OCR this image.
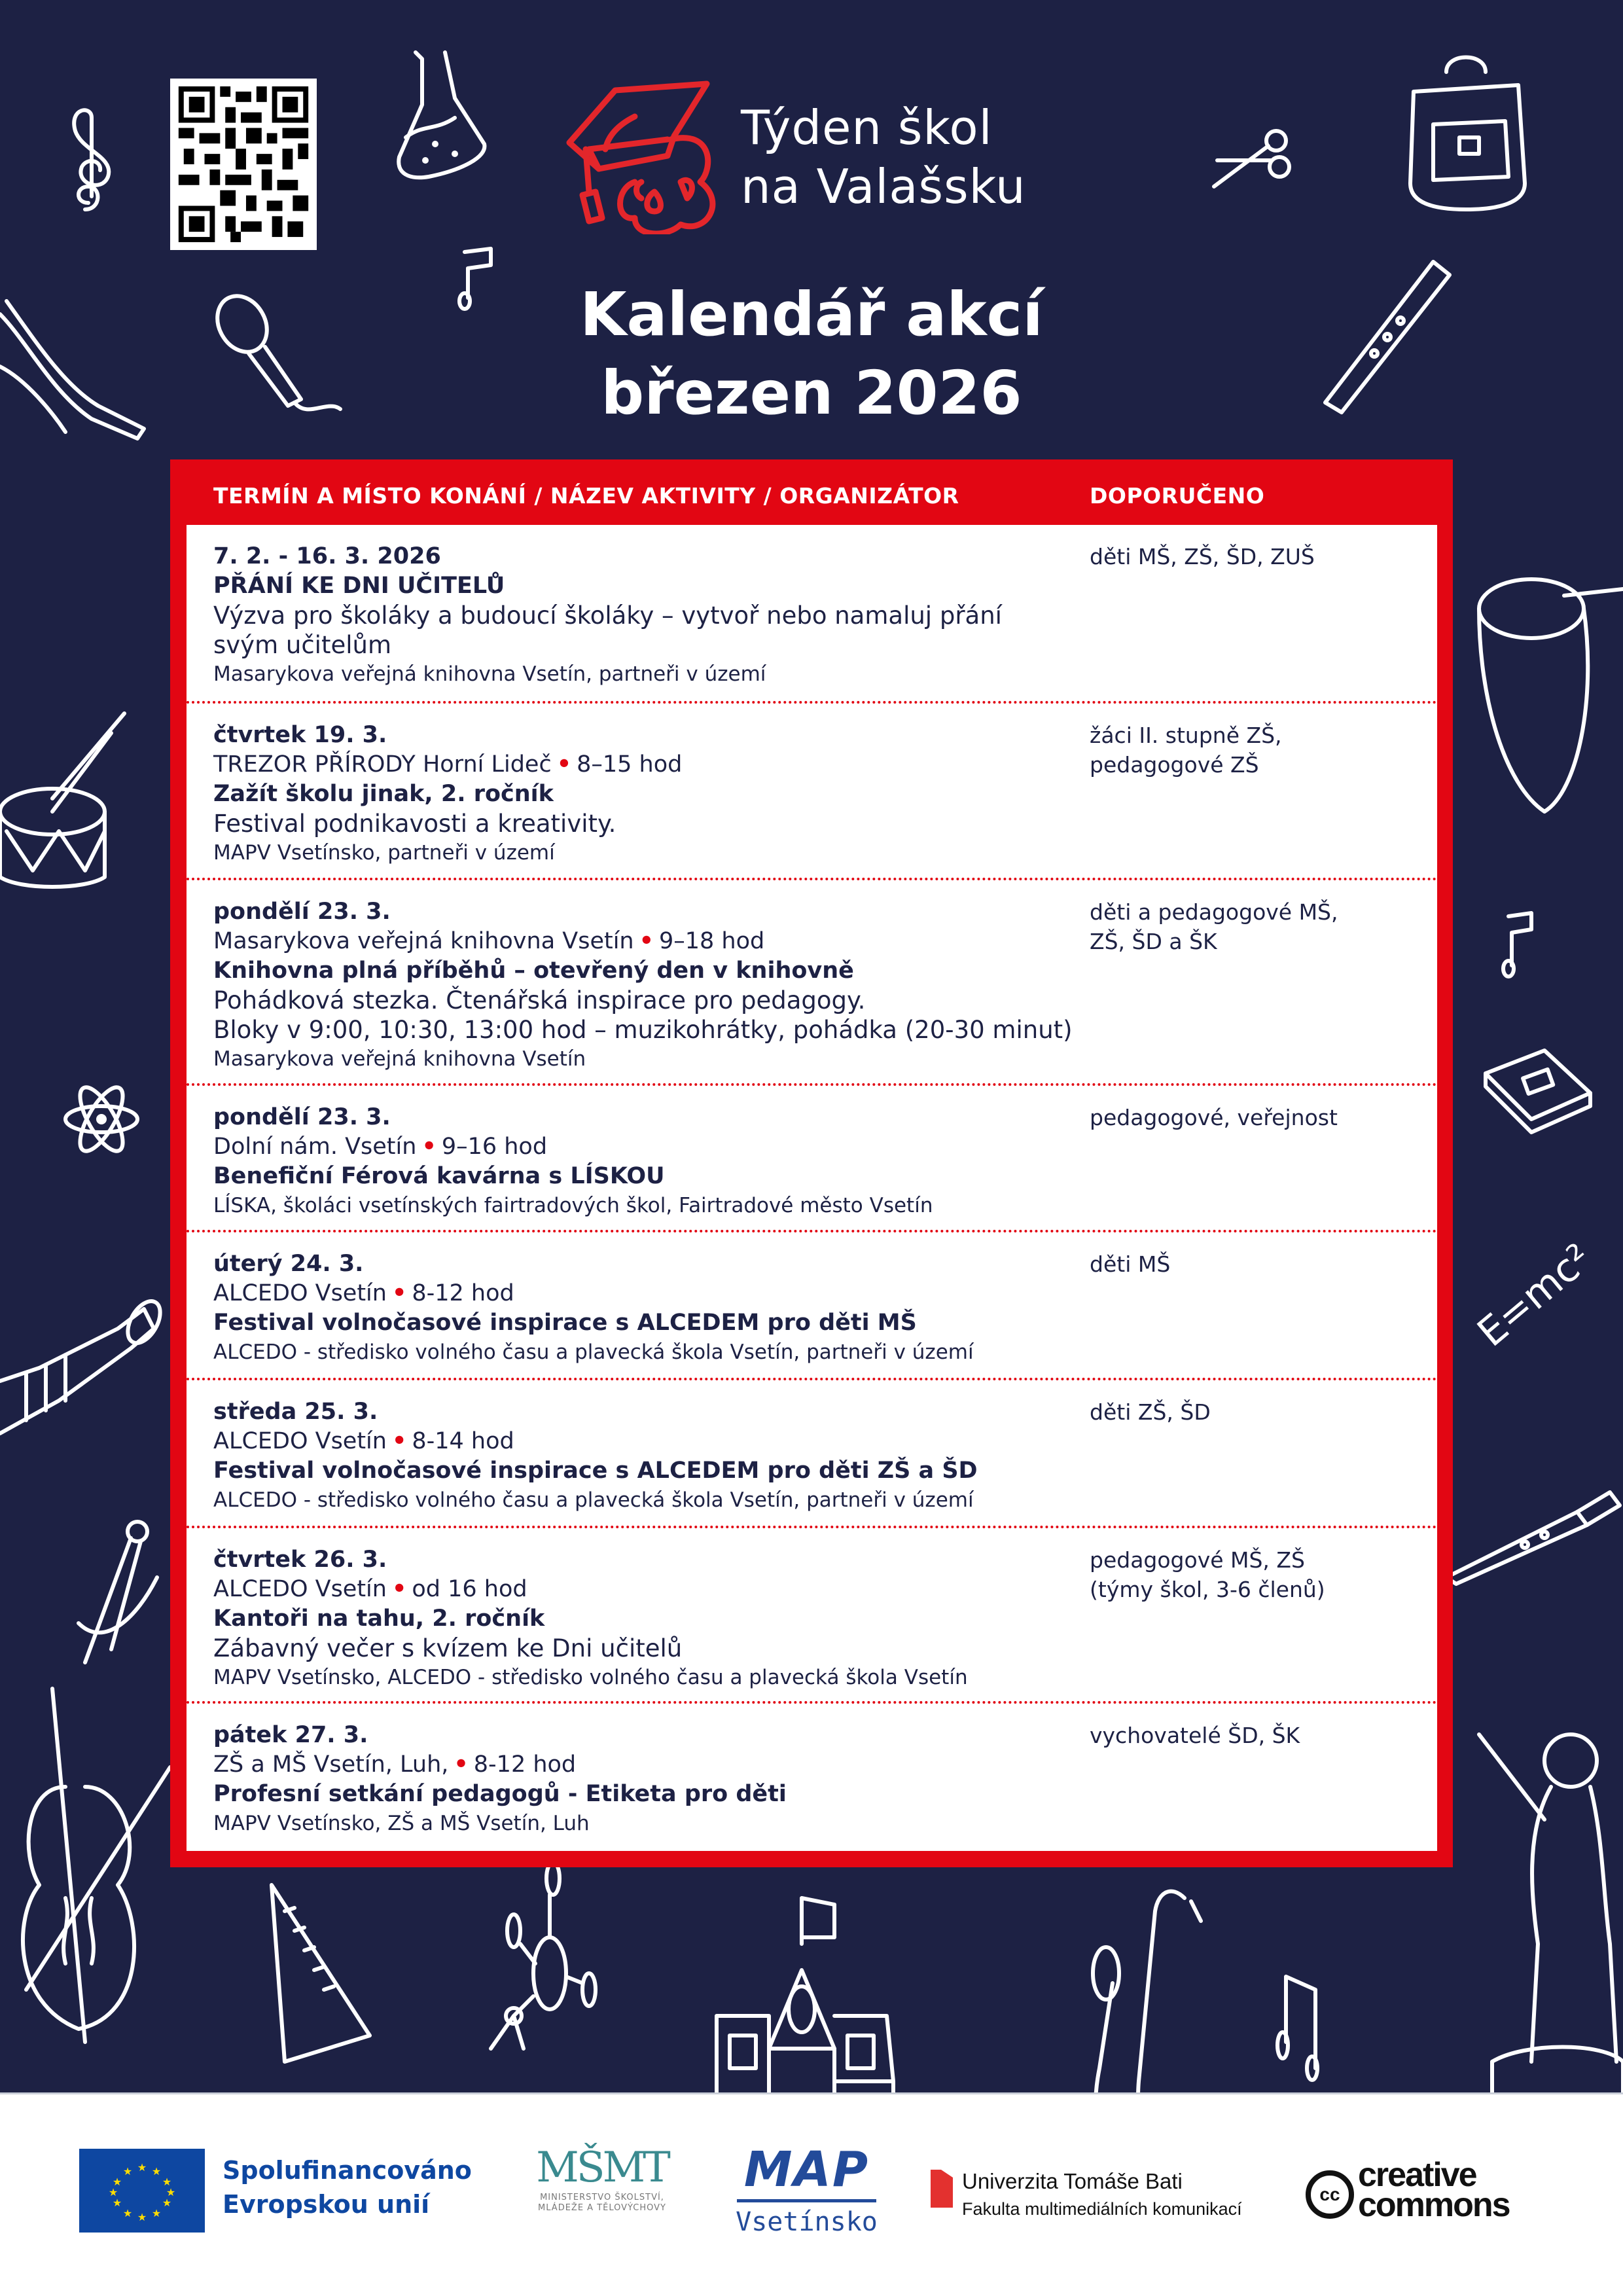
E=mc²
Týden škol
na Valašsku
Kalendář akcí
březen 2026
TERMÍN A MÍSTO KONÁNÍ / NÁZEV AKTIVITY / ORGANIZÁTOR	DOPORUČENO
7. 2. - 16. 3. 2026
PŘÁNÍ KE DNI UČITELŮ
Výzva pro školáky a budoucí školáky – vytvoř nebo namaluj přání svým učitelům
Masarykova veřejná knihovna Vsetín, partneři v území
děti MŠ, ZŠ, ŠD, ZUŠ
čtvrtek 19. 3.
TREZOR PŘÍRODY Horní Lideč • 8–15 hod
Zažít školu jinak, 2. ročník
Festival podnikavosti a kreativity.
MAPV Vsetínsko, partneři v území
žáci II. stupně ZŠ,
pedagogové ZŠ
pondělí 23. 3.
Masarykova veřejná knihovna Vsetín • 9–18 hod
Knihovna plná příběhů – otevřený den v knihovně
Pohádková stezka. Čtenářská inspirace pro pedagogy.
Bloky v 9:00, 10:30, 13:00 hod – muzikohrátky, pohádka (20-30 minut)
Masarykova veřejná knihovna Vsetín
děti a pedagogové MŠ,
ZŠ, ŠD a ŠK
pondělí 23. 3.
Dolní nám. Vsetín • 9–16 hod
Benefiční Férová kavárna s LÍSKOU
LÍSKA, školáci vsetínských fairtradových škol, Fairtradové město Vsetín
pedagogové, veřejnost
úterý 24. 3.
ALCEDO Vsetín • 8-12 hod
Festival volnočasové inspirace s ALCEDEM pro děti MŠ
ALCEDO - středisko volného času a plavecká škola Vsetín, partneři v území
děti MŠ
středa 25. 3.
ALCEDO Vsetín • 8-14 hod
Festival volnočasové inspirace s ALCEDEM pro děti ZŠ a ŠD
ALCEDO - středisko volného času a plavecká škola Vsetín, partneři v území
děti ZŠ, ŠD
čtvrtek 26. 3.
ALCEDO Vsetín • od 16 hod
Kantoři na tahu, 2. ročník
Zábavný večer s kvízem ke Dni učitelů
MAPV Vsetínsko, ALCEDO - středisko volného času a plavecká škola Vsetín
pedagogové MŠ, ZŠ
(týmy škol, 3-6 členů)
pátek 27. 3.
ZŠ a MŠ Vsetín, Luh, • 8-12 hod
Profesní setkání pedagogů - Etiketa pro děti
MAPV Vsetínsko, ZŠ a MŠ Vsetín, Luh
vychovatelé ŠD, ŠK
★ ★
★
★
★
★
★
★
★
★
★
★	Spolufinancováno
Evropskou unií
MŠMT
MINISTERSTVO ŠKOLSTVÍ,
MLÁDEŽE A TĚLOVÝCHOVY
MAP
Vsetínsko
Univerzita Tomáše Bati
Fakulta multimediálních komunikací
cc
creative
commons
